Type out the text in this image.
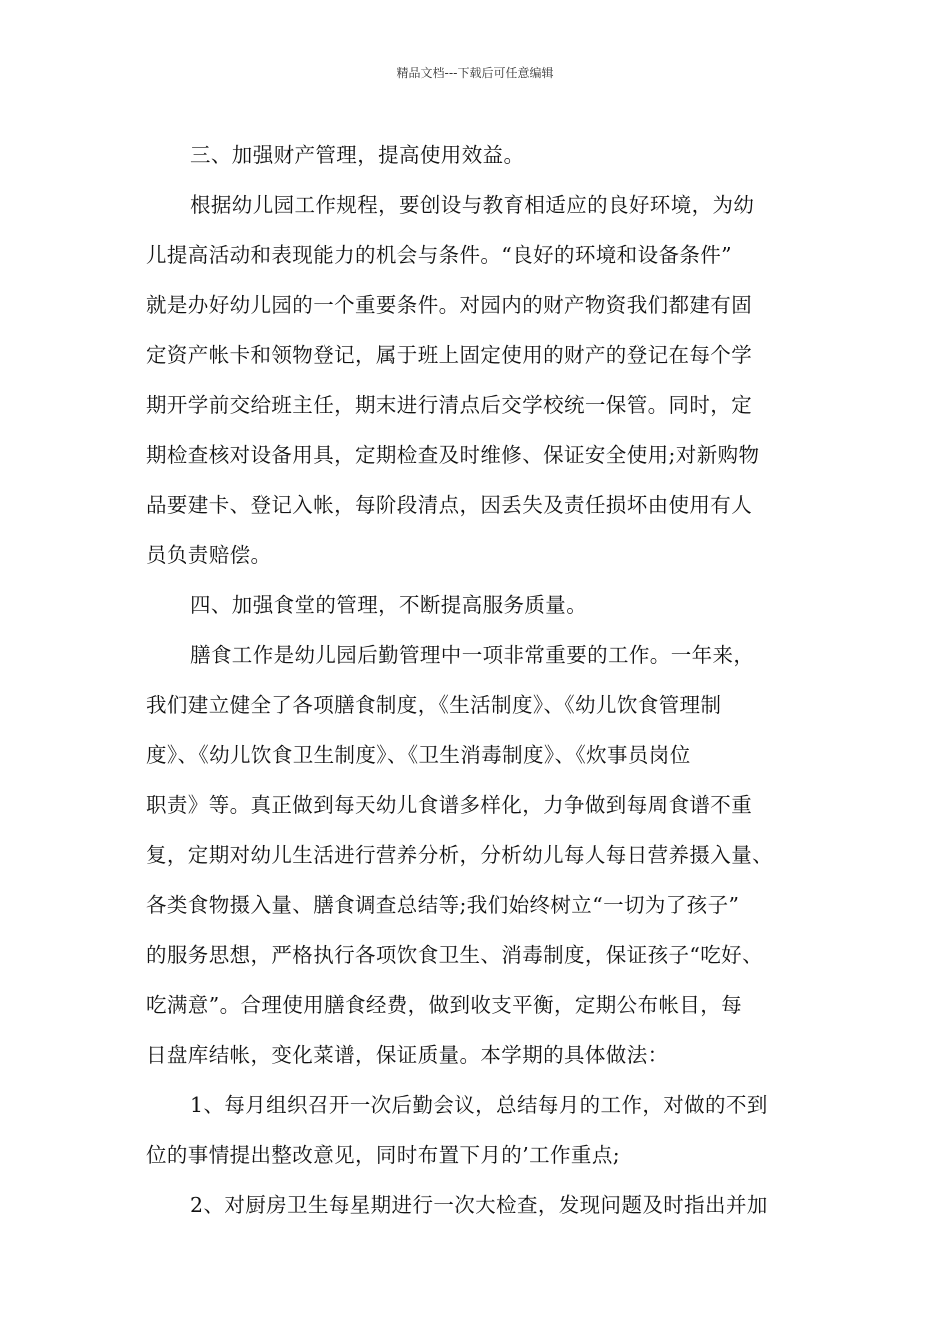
精品文档---下载后可任意编辑
三、加强财产管理，提高使用效益。
根据幼儿园工作规程，要创设与教育相适应的良好环境，为幼
儿提高活动和表现能力的机会与条件。“良好的环境和设备条件”
就是办好幼儿园的一个重要条件。对园内的财产物资我们都建有固
定资产帐卡和领物登记，属于班上固定使用的财产的登记在每个学
期开学前交给班主任，期末进行清点后交学校统一保管。同时，定
期检查核对设备用具，定期检查及时维修、保证安全使用;对新购物
品要建卡、登记入帐，每阶段清点，因丢失及责任损坏由使用有人
员负责赔偿。
四、加强食堂的管理，不断提高服务质量。
膳食工作是幼儿园后勤管理中一项非常重要的工作。一年来，
我们建立健全了各项膳食制度，《生活制度》、《幼儿饮食管理制
度》、《幼儿饮食卫生制度》、《卫生消毒制度》、《炊事员岗位
职责》等。真正做到每天幼儿食谱多样化，力争做到每周食谱不重
复，定期对幼儿生活进行营养分析，分析幼儿每人每日营养摄入量、
各类食物摄入量、膳食调查总结等;我们始终树立“一切为了孩子”
的服务思想，严格执行各项饮食卫生、消毒制度，保证孩子“吃好、
吃满意”。合理使用膳食经费，做到收支平衡，定期公布帐目，每
日盘库结帐，变化菜谱，保证质量。本学期的具体做法：
1、每月组织召开一次后勤会议，总结每月的工作，对做的不到
位的事情提出整改意见，同时布置下月的’工作重点;
2、对厨房卫生每星期进行一次大检查，发现问题及时指出并加
